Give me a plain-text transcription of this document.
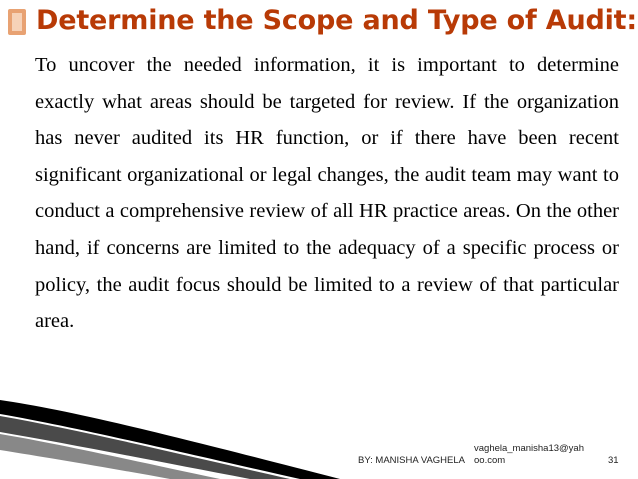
Determine the Scope and Type of Audit:

To uncover the needed information, it is important to determine exactly what areas should be targeted for review. If the organization has never audited its HR function, or if there have been recent significant organizational or legal changes, the audit team may want to conduct a comprehensive review of all HR practice areas. On the other hand, if concerns are limited to the adequacy of a specific process or policy, the audit focus should be limited to a review of that particular area.

BY: MANISHA VAGHELA
vaghela_manisha13@yahoo.com	31
